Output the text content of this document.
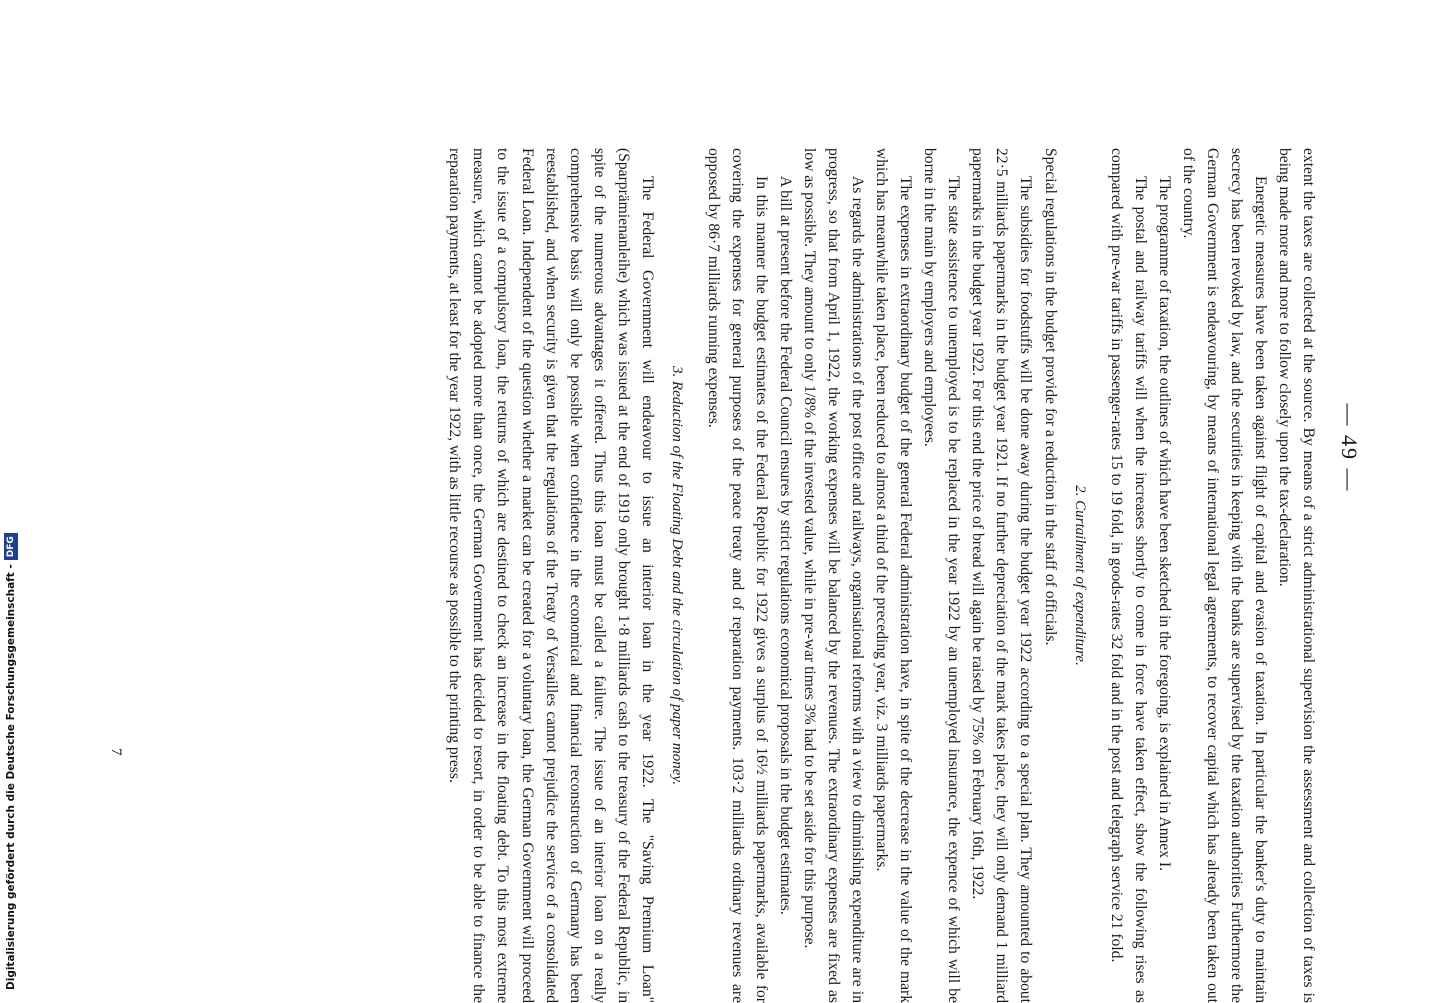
— 49 —

extent the taxes are collected at the source. By means of a strict administrational supervision the assessment and collection of taxes is being made more and more to follow closely upon the tax-declaration.

Energetic measures have been taken against flight of capital and evasion of taxation. In particular the banker's duty to maintain secrecy has been revoked by law, and the securities in keeping with the banks are supervised by the taxation authorities Furthermore the German Government is endeavouring, by means of international legal agreements, to recover capital which has already been taken out of the country.

The programme of taxation, the outlines of which have been sketched in the foregoing, is explained in Annex I.

The postal and railway tariffs will when the increases shortly to come in force have taken effect, show the following rises as compared with pre-war tariffs in passenger-rates 15 to 19 fold, in goods-rates 32 fold and in the post and telegraph service 21 fold.

2. Curtailment of expenditure.

Special regulations in the budget provide for a reduction in the staff of officials.

The subsidies for foodstuffs will be done away during the budget year 1922 according to a special plan. They amounted to about 22·5 milliards papermarks in the budget year 1921. If no further depreciation of the mark takes place, they will only demand 1 milliard papermarks in the budget year 1922. For this end the price of bread will again be raised by 75% on February 16th, 1922.

The state assistence to unemployed is to be replaced in the year 1922 by an unemployed insurance, the expence of which will be borne in the main by employers and employees.

The expenses in extraordinary budget of the general Federal administration have, in spite of the decrease in the value of the mark which has meanwhile taken place, been reduced to almost a third of the preceding year, viz. 3 milliards papermarks.

As regards the administrations of the post office and railways, organisational reforms with a view to diminishing expenditure are in progress, so that from April 1, 1922, the working expenses will be balanced by the revenues. The extraordinary expenses are fixed as low as possible. They amount to only 1/8% of the invested value, while in pre-war times 3% had to be set aside for this purpose.

A bill at present before the Federal Council ensures by strict regulations economical proposals in the budget estimates.

In this manner the budget estimates of the Federal Republic for 1922 gives a surplus of 16½ milliards papermarks, available for covering the expenses for general purposes of the peace treaty and of reparation payments. 103·2 milliards ordinary revenues are opposed by 86·7 milliards running expenses.

3. Reduction of the Floating Debt and the circulation of paper money.

The Federal Government will endeavour to issue an interior loan in the year 1922. The "Saving Premium Loan" (Sparprämienanleihe) which was issued at the end of 1919 only brought 1·8 milliards cash to the treasury of the Federal Republic, in spite of the numerous advantages it offered. Thus this loan must be called a failure. The issue of an interior loan on a really comprehensive basis will only be possible when confidence in the economical and financial reconstruction of Germany has been reestablished, and when security is given that the regulations of the Treaty of Versailles cannot prejudice the service of a consolidated Federal Loan. Independent of the question whether a market can be created for a voluntary loan, the German Government will proceed to the issue of a compulsory loan, the returns of which are destined to check an increase in the floating debt. To this most extreme measure, which cannot be adopted more than once, the German Government has decided to resort, in order to be able to finance the reparation payments, at least for the year 1922, with as little recourse as possible to the printing press.

7
Digitalisierung gefördert durch die Deutsche Forschungsgemeinschaft -
DFG
